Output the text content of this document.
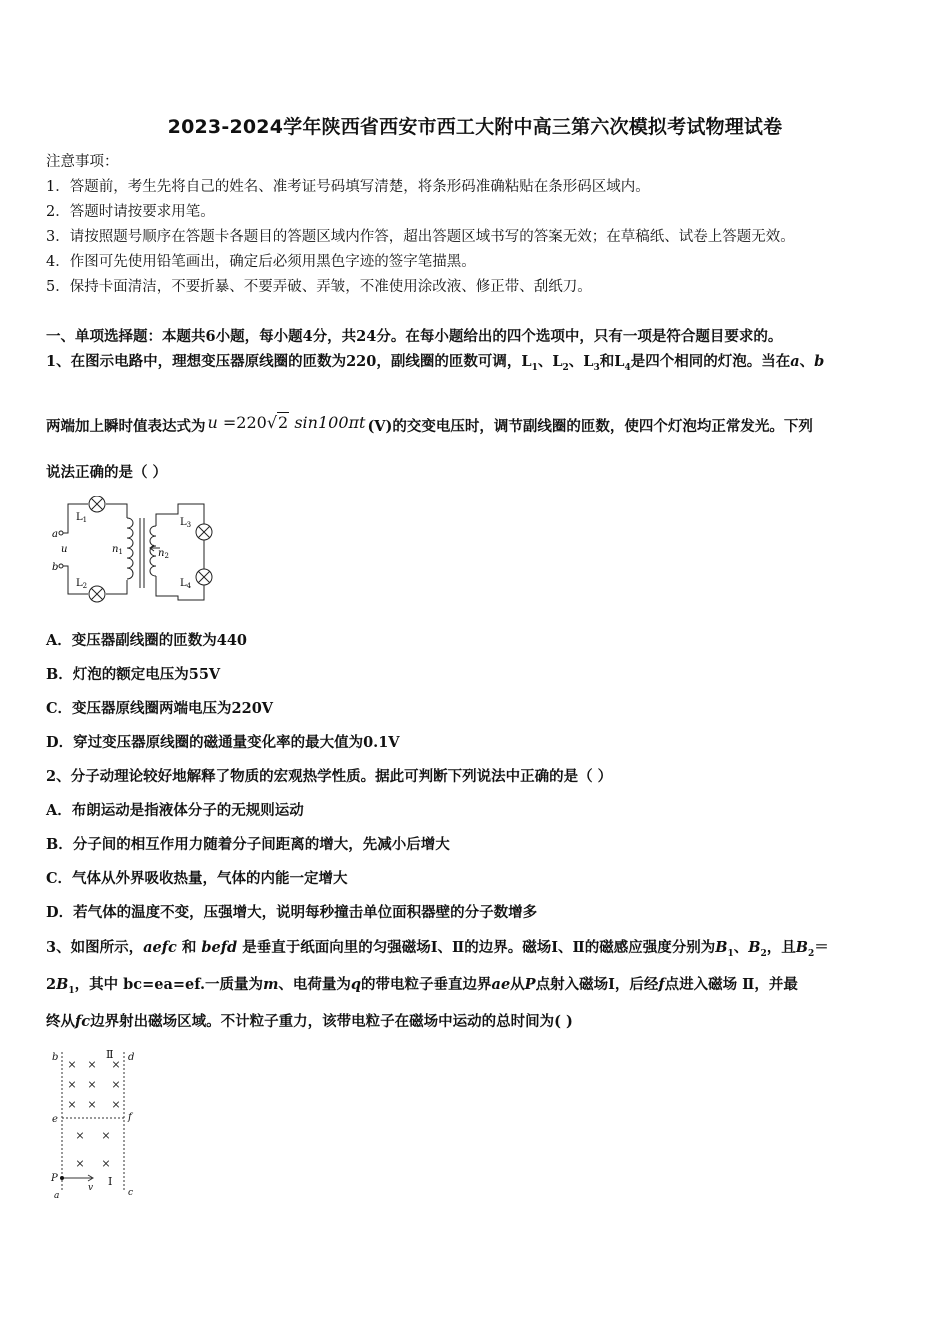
2023-2024学年陕西省西安市西工大附中高三第六次模拟考试物理试卷
注意事项：
1．答题前，考生先将自己的姓名、准考证号码填写清楚，将条形码准确粘贴在条形码区域内。
2．答题时请按要求用笔。
3．请按照题号顺序在答题卡各题目的答题区域内作答，超出答题区域书写的答案无效；在草稿纸、试卷上答题无效。
4．作图可先使用铅笔画出，确定后必须用黑色字迹的签字笔描黑。
5．保持卡面清洁，不要折暴、不要弄破、弄皱，不准使用涂改液、修正带、刮纸刀。
一、单项选择题：本题共6小题，每小题4分，共24分。在每小题给出的四个选项中，只有一项是符合题目要求的。
1、在图示电路中，理想变压器原线圈的匝数为220，副线圈的匝数可调，$L_1$、$L_2$、$L_3$和$L_4$是四个相同的灯泡。当在a、b
两端加上瞬时值表达式为 u =220√2 sin100πt (V)的交变电压时，调节副线圈的匝数，使四个灯泡均正常发光。下列
说法正确的是（ ）
a
u
b
$L_1$
$L_2$
$L_3$
$L_4$
$n_1$	$n_2$
A．变压器副线圈的匝数为440
B．灯泡的额定电压为55V
C．变压器原线圈两端电压为220V
D．穿过变压器原线圈的磁通量变化率的最大值为0.1V
2、分子动理论较好地解释了物质的宏观热学性质。据此可判断下列说法中正确的是（ ）
A．布朗运动是指液体分子的无规则运动
B．分子间的相互作用力随着分子间距离的增大，先减小后增大
C．气体从外界吸收热量，气体的内能一定增大
D．若气体的温度不变，压强增大，说明每秒撞击单位面积器壁的分子数增多
3、如图所示，aefc 和 befd 是垂直于纸面向里的匀强磁场Ⅰ、Ⅱ的边界。磁场Ⅰ、Ⅱ的磁感应强度分别为$B_1$、$B_2$，且$B_2=$
$2B_1$，其中 bc=ea=ef.一质量为m、电荷量为q的带电粒子垂直边界ae从P点射入磁场Ⅰ，后经f点进入磁场 Ⅱ，并最
终从fc边界射出磁场区域。不计粒子重力，该带电粒子在磁场中运动的总时间为( )
× × ×
× × ×
× × ×
× ×
× ×
b	d
e	f
P
a	c
v
Ⅱ
Ⅰ
